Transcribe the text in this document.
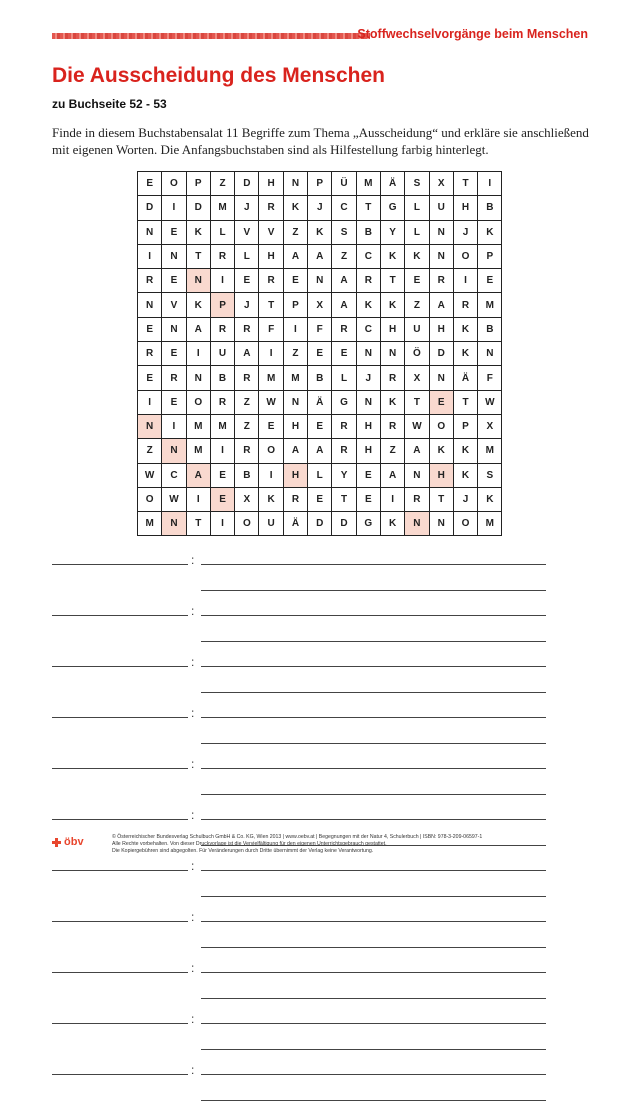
Stoffwechselvorgänge beim Menschen
Die Ausscheidung des Menschen
zu Buchseite 52 - 53

Finde in diesem Buchstabensalat 11 Begriffe zum Thema „Ausscheidung“ und erkläre sie anschließend

mit eigenen Worten. Die Anfangsbuchstaben sind als Hilfestellung farbig hinterlegt.

E	O	P	Z	D	H	N	P	Ü	M	Ä	S	X	T	I
D	I	D	M	J	R	K	J	C	T	G	L	U	H	B
N	E	K	L	V	V	Z	K	S	B	Y	L	N	J	K
I	N	T	R	L	H	A	A	Z	C	K	K	N	O	P
R	E	N	I	E	R	E	N	A	R	T	E	R	I	E
N	V	K	P	J	T	P	X	A	K	K	Z	A	R	M
E	N	A	R	R	F	I	F	R	C	H	U	H	K	B
R	E	I	U	A	I	Z	E	E	N	N	Ö	D	K	N
E	R	N	B	R	M	M	B	L	J	R	X	N	Ä	F
I	E	O	R	Z	W	N	Ä	G	N	K	T	E	T	W
N	I	M	M	Z	E	H	E	R	H	R	W	O	P	X
Z	N	M	I	R	O	A	A	R	H	Z	A	K	K	M
W	C	A	E	B	I	H	L	Y	E	A	N	H	K	S
O	W	I	E	X	K	R	E	T	E	I	R	T	J	K
M	N	T	I	O	U	Ä	D	D	G	K	N	N	O	M
:
:
:
:
:
:
:
:
:
:
:
öbv	© Österreichischer Bundesverlag Schulbuch GmbH & Co. KG, Wien 2013 | www.oebv.at | Begegnungen mit der Natur 4, Schulerbuch | ISBN: 978-3-209-06597-1
Alle Rechte vorbehalten. Von dieser Druckvorlage ist die Vervielfältigung für den eigenen Unterrichtsgebrauch gestattet.
Die Kopiergebühren sind abgegolten. Für Veränderungen durch Dritte übernimmt der Verlag keine Verantwortung.
